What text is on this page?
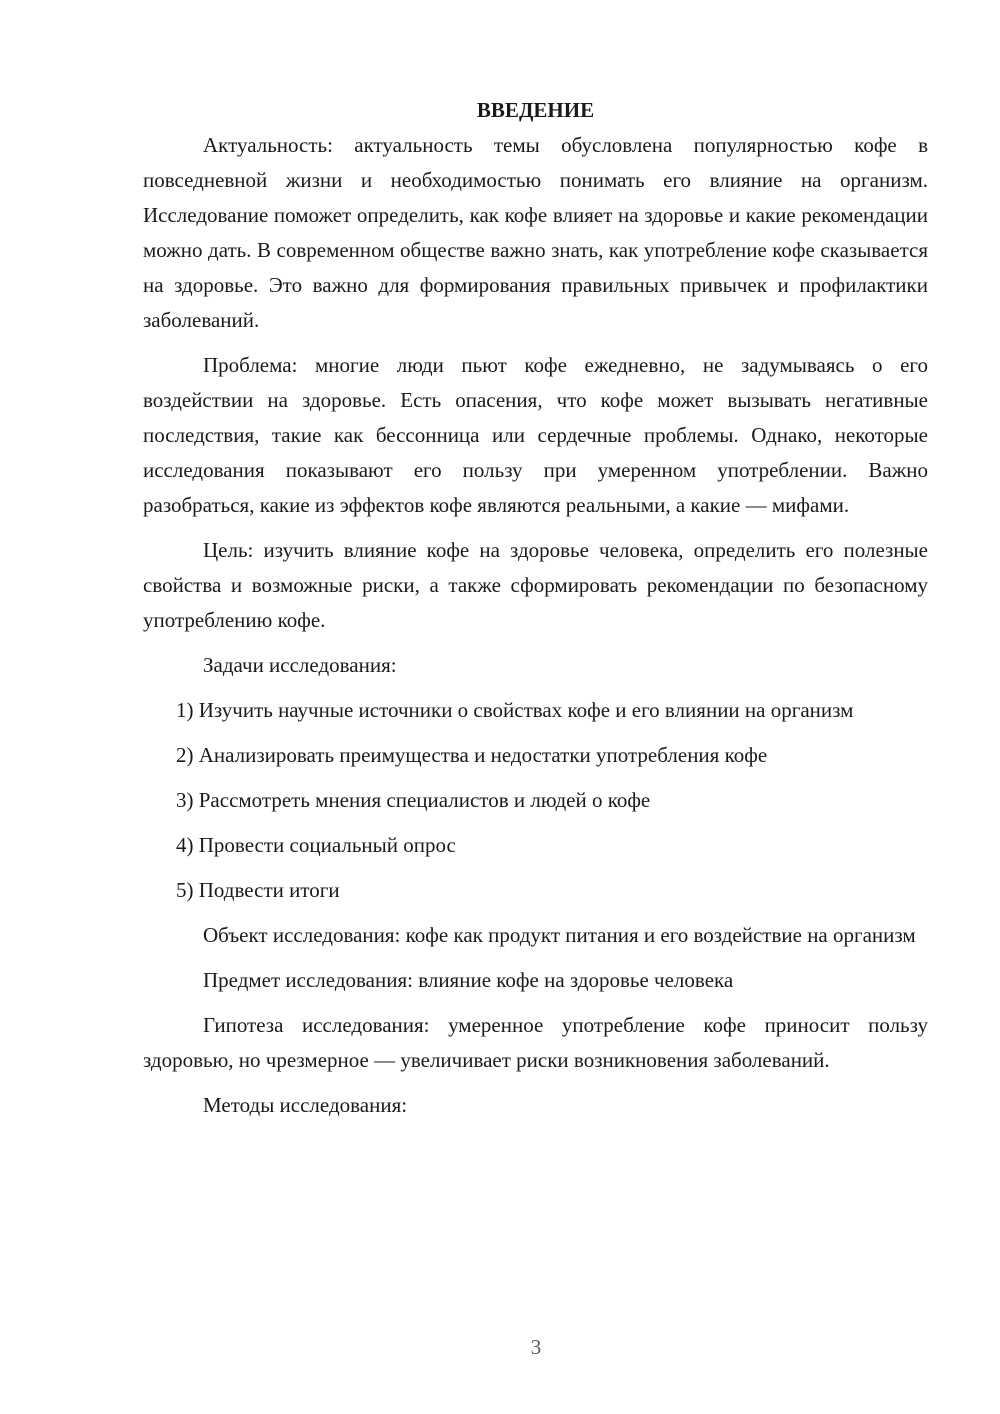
ВВЕДЕНИЕ

Актуальность: актуальность темы обусловлена популярностью кофе в повседневной жизни и необходимостью понимать его влияние на организм. Исследование поможет определить, как кофе влияет на здоровье и какие рекомендации можно дать. В современном обществе важно знать, как употребление кофе сказывается на здоровье. Это важно для формирования правильных привычек и профилактики заболеваний.

Проблема: многие люди пьют кофе ежедневно, не задумываясь о его воздействии на здоровье. Есть опасения, что кофе может вызывать негативные последствия, такие как бессонница или сердечные проблемы. Однако, некоторые исследования показывают его пользу при умеренном употреблении. Важно разобраться, какие из эффектов кофе являются реальными, а какие — мифами.

Цель: изучить влияние кофе на здоровье человека, определить его полезные свойства и возможные риски, а также сформировать рекомендации по безопасному употреблению кофе.

Задачи исследования:

1) Изучить научные источники о свойствах кофе и его влиянии на организм

2) Анализировать преимущества и недостатки употребления кофе

3) Рассмотреть мнения специалистов и людей о кофе

4) Провести социальный опрос

5) Подвести итоги

Объект исследования: кофе как продукт питания и его воздействие на организм

Предмет исследования: влияние кофе на здоровье человека

Гипотеза исследования: умеренное употребление кофе приносит пользу здоровью, но чрезмерное — увеличивает риски возникновения заболеваний.

Методы исследования:

3
